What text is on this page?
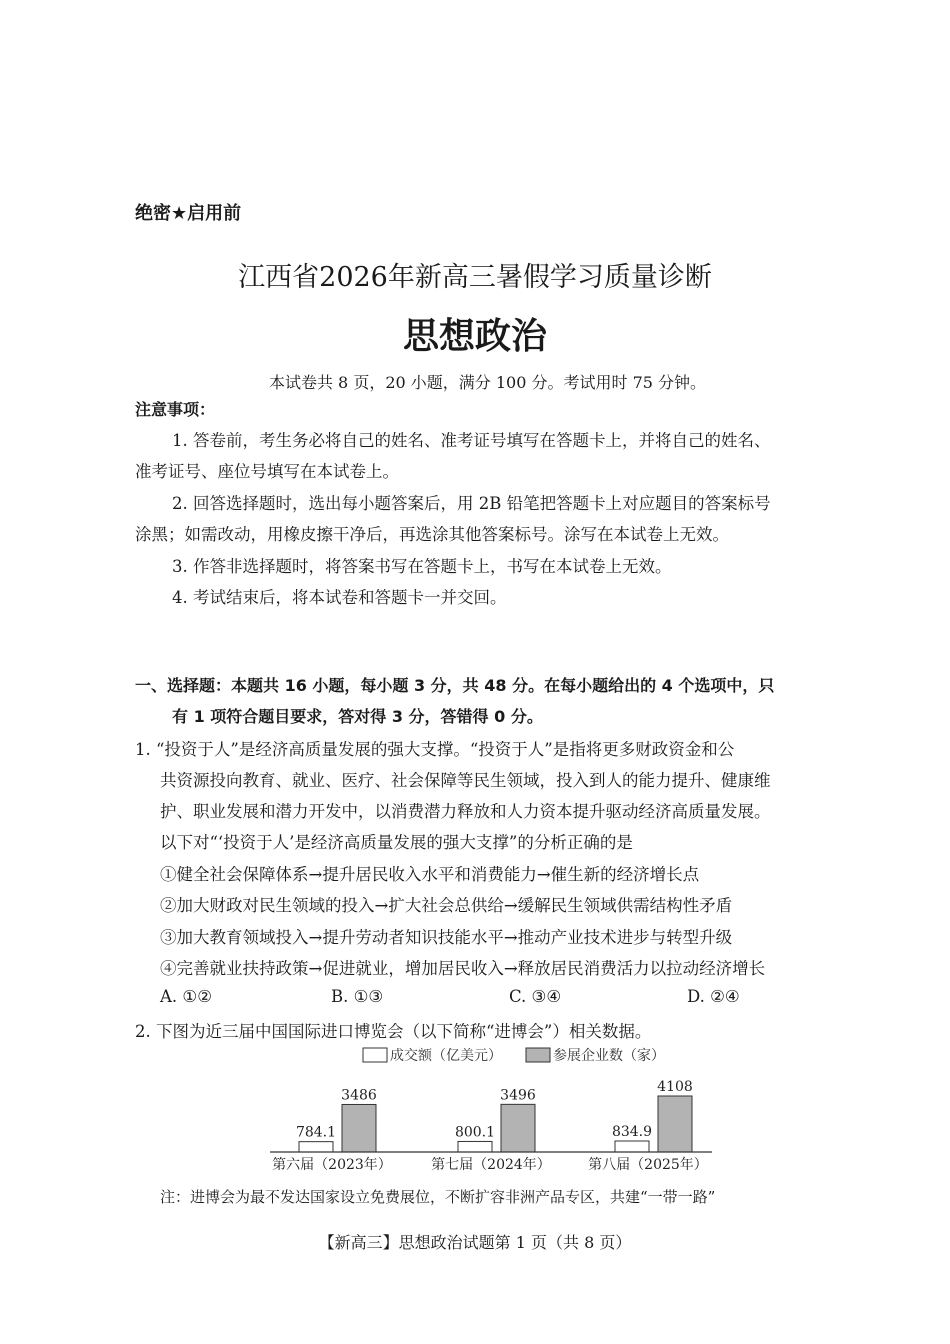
绝密★启用前
江西省2026年新高三暑假学习质量诊断
思想政治
本试卷共 8 页，20 小题，满分 100 分。考试用时 75 分钟。
注意事项：
1. 答卷前，考生务必将自己的姓名、准考证号填写在答题卡上，并将自己的姓名、
准考证号、座位号填写在本试卷上。
2. 回答选择题时，选出每小题答案后，用 2B 铅笔把答题卡上对应题目的答案标号
涂黑；如需改动，用橡皮擦干净后，再选涂其他答案标号。涂写在本试卷上无效。
3. 作答非选择题时，将答案书写在答题卡上，书写在本试卷上无效。
4. 考试结束后，将本试卷和答题卡一并交回。
一、选择题：本题共 16 小题，每小题 3 分，共 48 分。在每小题给出的 4 个选项中，只
有 1 项符合题目要求，答对得 3 分，答错得 0 分。
1. “投资于人”是经济高质量发展的强大支撑。“投资于人”是指将更多财政资金和公
共资源投向教育、就业、医疗、社会保障等民生领域，投入到人的能力提升、健康维
护、职业发展和潜力开发中，以消费潜力释放和人力资本提升驱动经济高质量发展。
以下对“‘投资于人’是经济高质量发展的强大支撑”的分析正确的是
①健全社会保障体系→提升居民收入水平和消费能力→催生新的经济增长点
②加大财政对民生领域的投入→扩大社会总供给→缓解民生领域供需结构性矛盾
③加大教育领域投入→提升劳动者知识技能水平→推动产业技术进步与转型升级
④完善就业扶持政策→促进就业，增加居民收入→释放居民消费活力以拉动经济增长
A. ①②	B. ①③	C. ③④	D. ②④
2. 下图为近三届中国国际进口博览会（以下简称“进博会”）相关数据。
成交额（亿美元）	参展企业数（家）
784.1
3486
第六届（2023年）
800.1
3496
第七届（2024年）
834.9
4108
第八届（2025年）
注：进博会为最不发达国家设立免费展位，不断扩容非洲产品专区，共建“一带一路”
【新高三】思想政治试题第 1 页（共 8 页）
